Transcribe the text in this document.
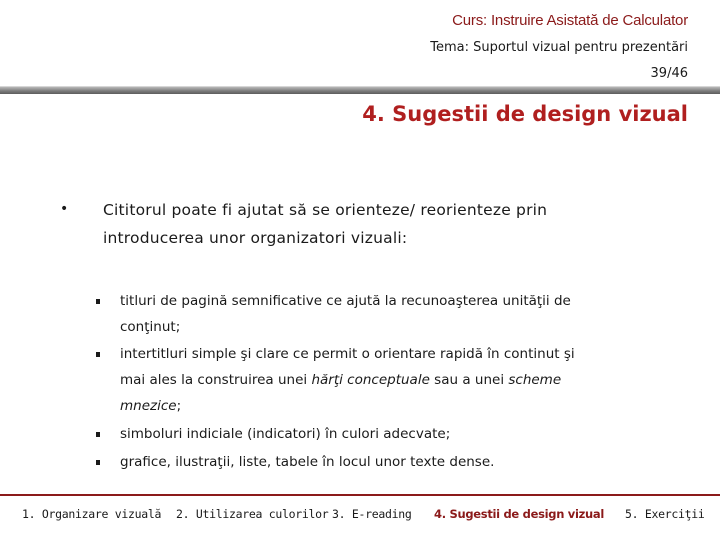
Curs: Instruire Asistată de Calculator
Tema: Suportul vizual pentru prezentări
39/46
4. Sugestii de design vizual
• Cititorul poate fi ajutat să se orienteze/ reorienteze prin
introducerea unor organizatori vizuali:
titluri de pagină semnificative ce ajută la recunoaşterea unităţii de
conţinut;
intertitluri simple şi clare ce permit o orientare rapidă în continut şi
mai ales la construirea unei hărţi conceptuale sau a unei scheme
mnezice;
simboluri indiciale (indicatori) în culori adecvate;
grafice, ilustraţii, liste, tabele în locul unor texte dense.
1. Organizare vizuală 2. Utilizarea culorilor 3. E-reading 4. Sugestii de design vizual 5. Exerciţii
